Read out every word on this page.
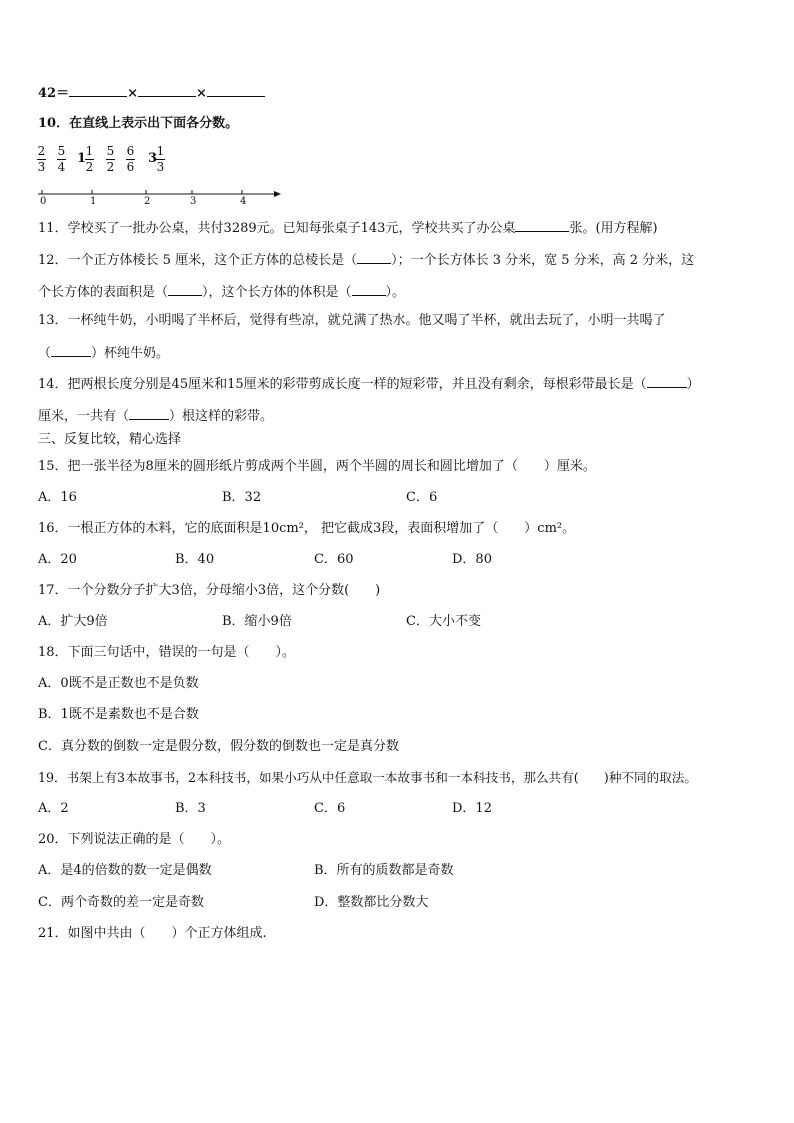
42＝	×	×
10．在直线上表示出下面各分数。
2
3
5
4
1 1
2
5
2
6
6
3 1
3
0	1	2	3	4
11．学校买了一批办公桌，共付3289元。已知每张桌子143元，学校共买了办公桌	张。(用方程解)
12．一个正方体棱长 5 厘米，这个正方体的总棱长是（	）；一个长方体长 3 分米，宽 5 分米，高 2 分米，这
个长方体的表面积是（	），这个长方体的体积是（	）。
13．一杯纯牛奶，小明喝了半杯后，觉得有些凉，就兑满了热水。他又喝了半杯，就出去玩了，小明一共喝了
（	）杯纯牛奶。
14．把两根长度分别是45厘米和15厘米的彩带剪成长度一样的短彩带，并且没有剩余，每根彩带最长是（	）
厘米，一共有（	）根这样的彩带。
三、反复比较，精心选择
15．把一张半径为8厘米的圆形纸片剪成两个半圆，两个半圆的周长和圆比增加了（　　）厘米。
A．16	B．32	C．6
16．一根正方体的木料，它的底面积是10cm²， 把它截成3段，表面积增加了（　　）cm²。
A．20	B．40	C．60	D．80
17．一个分数分子扩大3倍，分母缩小3倍，这个分数(　　)
A．扩大9倍	B．缩小9倍	C．大小不变
18．下面三句话中，错误的一句是（　　）。
A．0既不是正数也不是负数
B．1既不是素数也不是合数
C．真分数的倒数一定是假分数，假分数的倒数也一定是真分数
19．书架上有3本故事书，2本科技书，如果小巧从中任意取一本故事书和一本科技书，那么共有(　　)种不同的取法。
A．2	B．3	C．6	D．12
20．下列说法正确的是（　　）。
A．是4的倍数的数一定是偶数	B．所有的质数都是奇数
C．两个奇数的差一定是奇数	D．整数都比分数大
21．如图中共由（　　）个正方体组成.
